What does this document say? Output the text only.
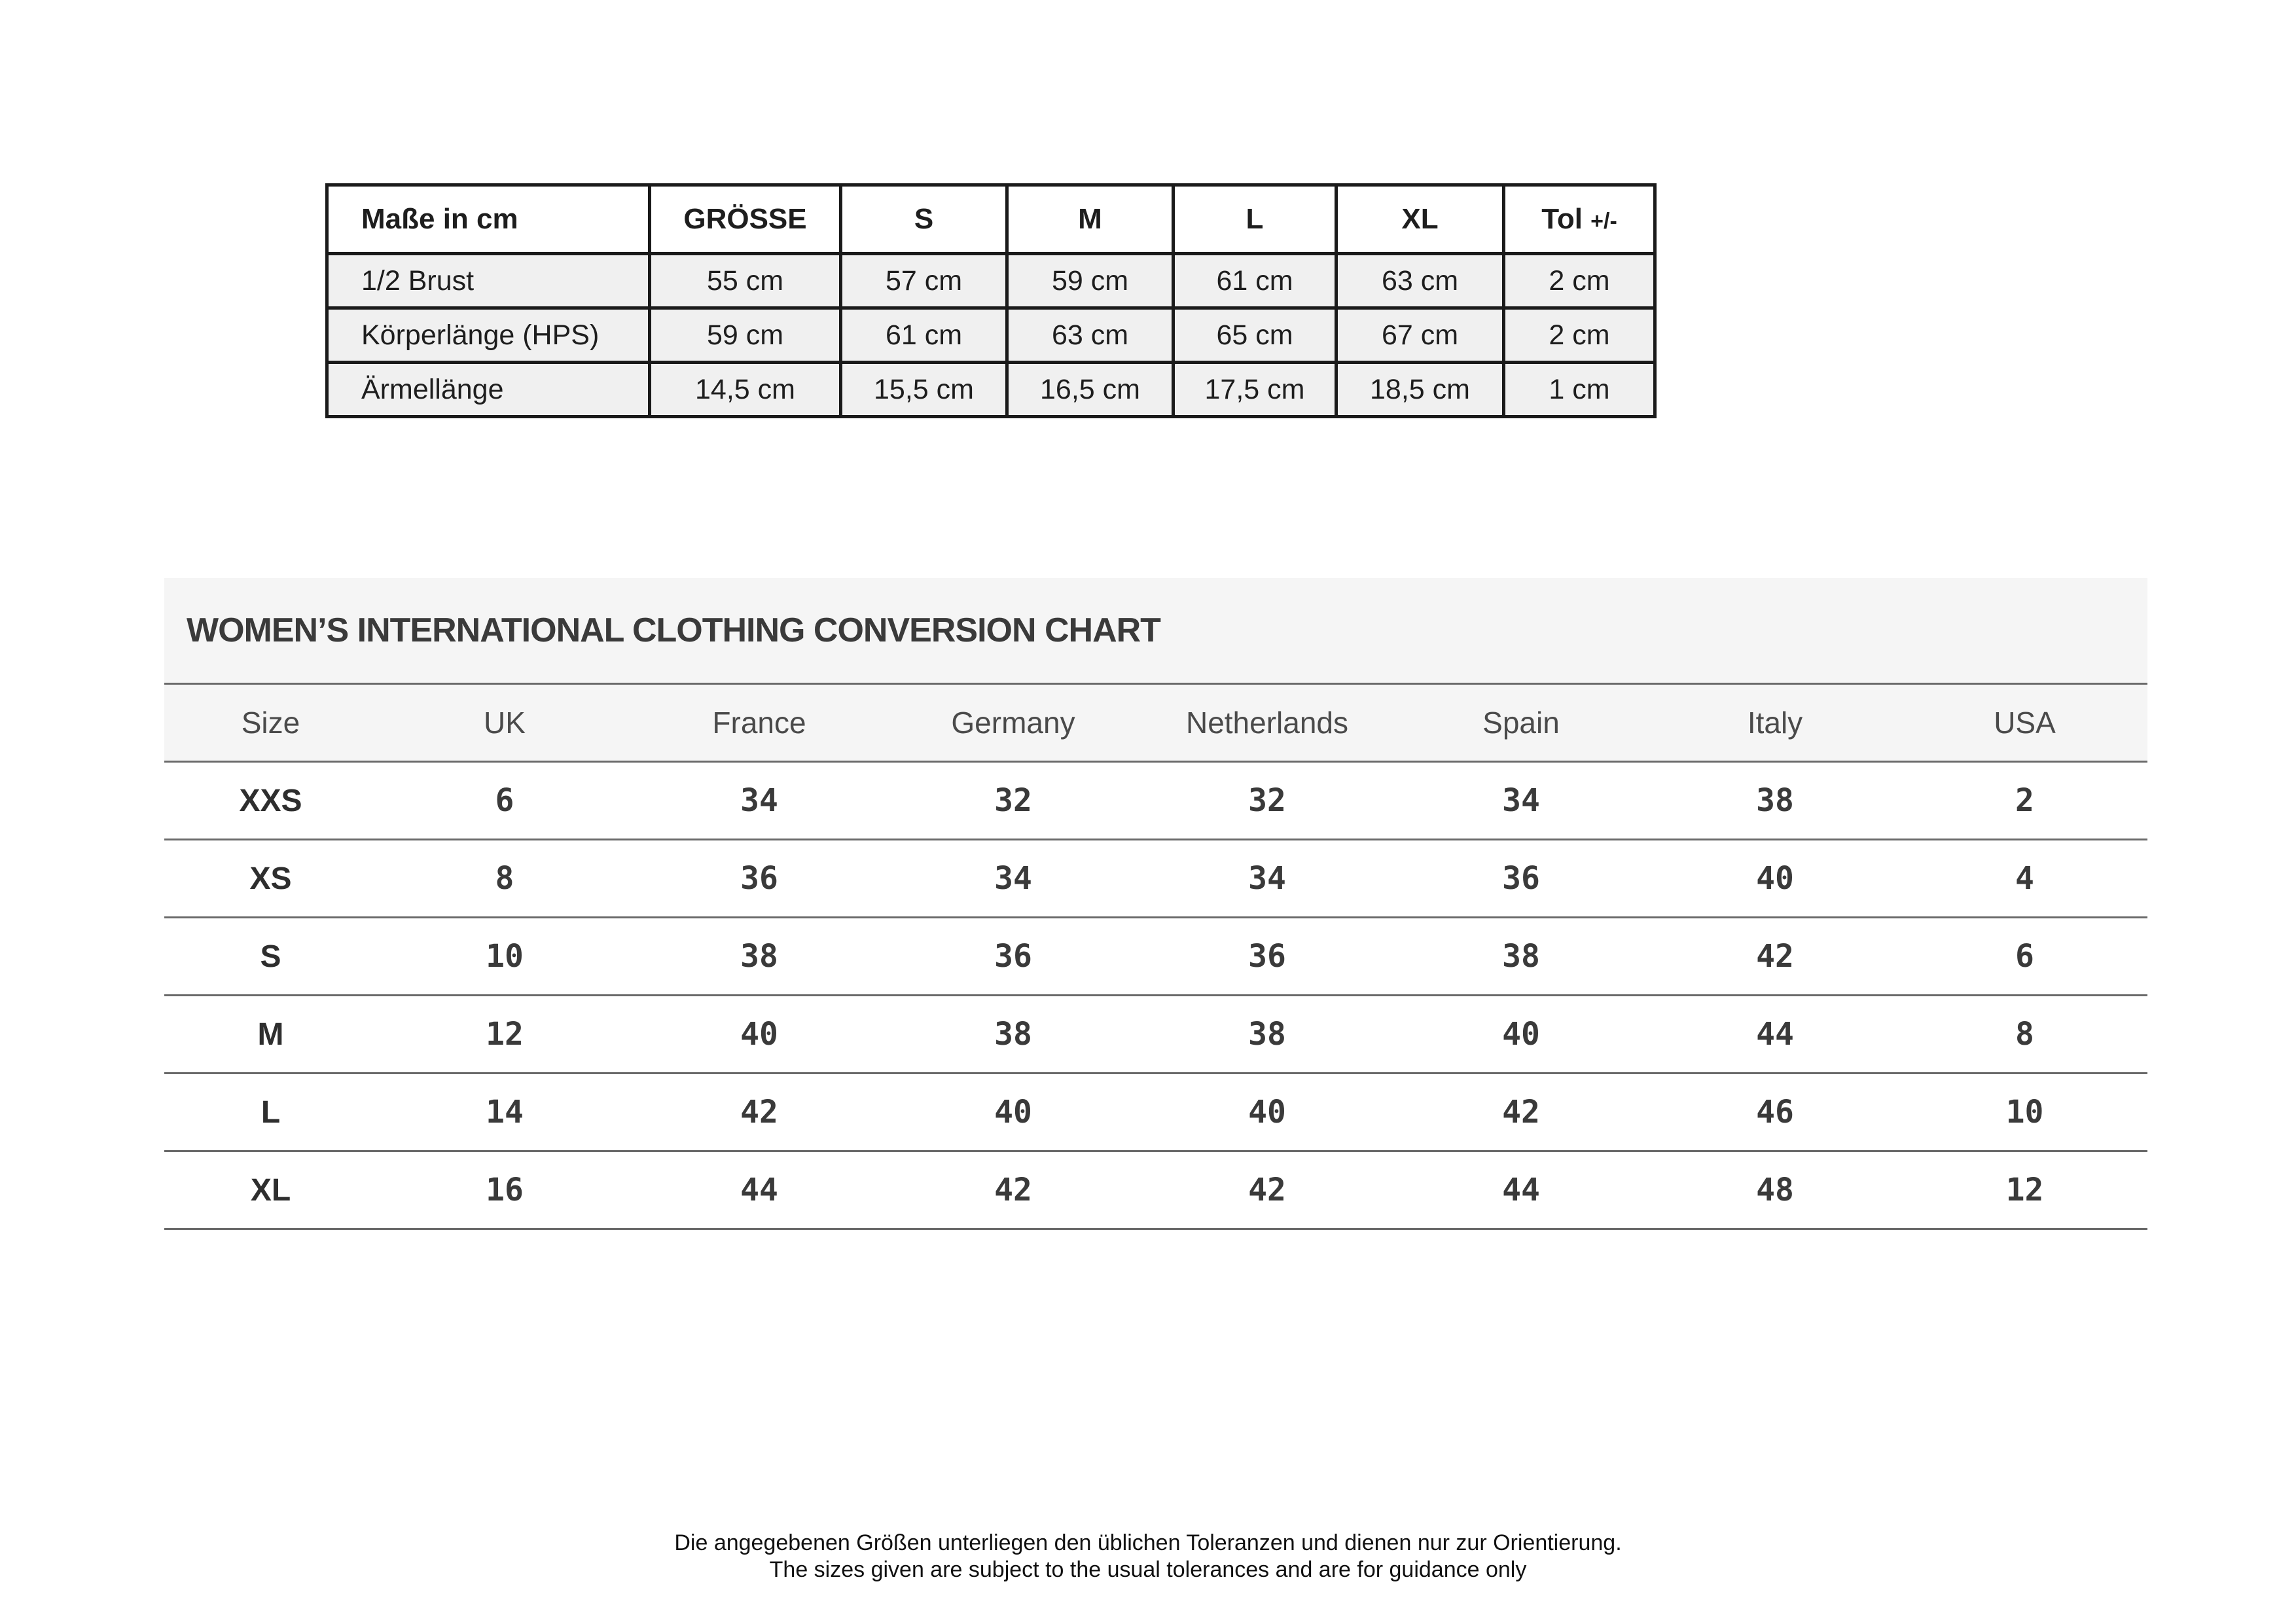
Maße in cm	GRÖSSE	S	M	L	XL	Tol +/-
1/2 Brust	55 cm	57 cm	59 cm	61 cm	63 cm	2 cm
Körperlänge (HPS)	59 cm	61 cm	63 cm	65 cm	67 cm	2 cm
Ärmellänge	14,5 cm	15,5 cm	16,5 cm	17,5 cm	18,5 cm	1 cm
WOMEN’S INTERNATIONAL CLOTHING CONVERSION CHART
Size	UK	France	Germany	Netherlands	Spain	Italy	USA
XXS	6	34	32	32	34	38	2
XS	8	36	34	34	36	40	4
S	10	38	36	36	38	42	6
M	12	40	38	38	40	44	8
L	14	42	40	40	42	46	10
XL	16	44	42	42	44	48	12

Die angegebenen Größen unterliegen den üblichen Toleranzen und dienen nur zur Orientierung.

The sizes given are subject to the usual tolerances and are for guidance only
